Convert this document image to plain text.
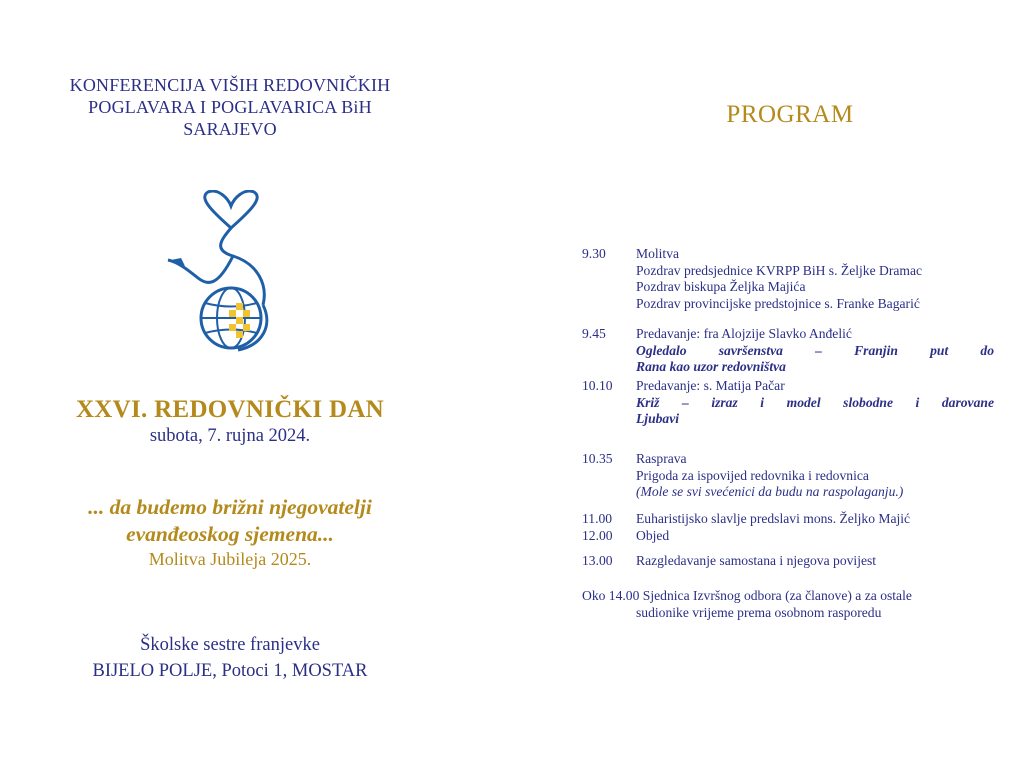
KONFERENCIJA VIŠIH REDOVNIČKIH
POGLAVARA I POGLAVARICA BiH
SARAJEVO
XXVI. REDOVNIČKI DAN
subota, 7. rujna 2024.
... da budemo brižni njegovatelji
evanđeoskog sjemena...
Molitva Jubileja 2025.
Školske sestre franjevke
BIJELO POLJE, Potoci 1, MOSTAR
PROGRAM
9.30 Molitva
Pozdrav predsjednice KVRPP BiH s. Željke Dramac
Pozdrav biskupa Željka Majića
Pozdrav provincijske predstojnice s. Franke Bagarić
9.45 Predavanje: fra Alojzije Slavko Anđelić
Ogledalo savršenstva – Franjin put do
Rana kao uzor redovništva
10.10 Predavanje: s. Matija Pačar
Križ – izraz i model slobodne i darovane
Ljubavi
10.35 Rasprava
Prigoda za ispovijed redovnika i redovnica
(Mole se svi svećenici da budu na raspolaganju.)
11.00 Euharistijsko slavlje predslavi mons. Željko Majić
12.00 Objed
13.00 Razgledavanje samostana i njegova povijest
Oko 14.00 Sjednica Izvršnog odbora (za članove) a za ostale
sudionike vrijeme prema osobnom rasporedu
